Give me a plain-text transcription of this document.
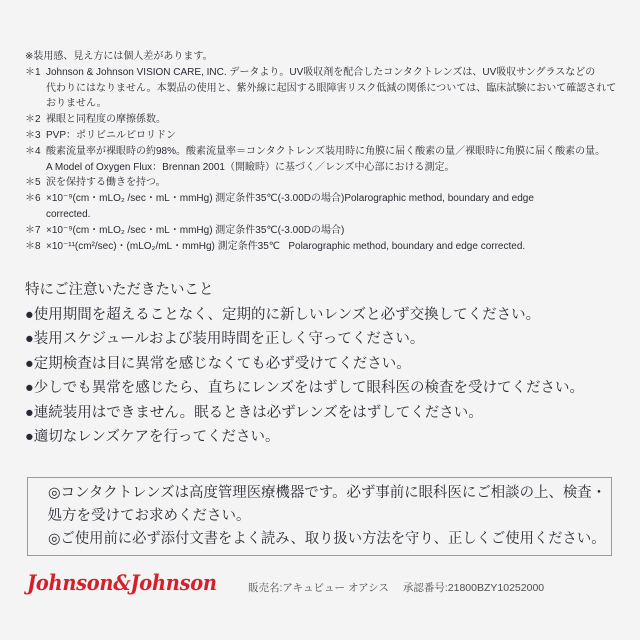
※装用感、見え方には個人差があります。
＊1 Johnson & Johnson VISION CARE, INC. データより。UV吸収剤を配合したコンタクトレンズは、UV吸収サングラスなどの
代わりにはなりません。本製品の使用と、紫外線に起因する眼障害リスク低減の関係については、臨床試験において確認されて
おりません。
＊2 裸眼と同程度の摩擦係数。
＊3 PVP：ポリビニルピロリドン
＊4 酸素流量率が裸眼時の約98%。酸素流量率＝コンタクトレンズ装用時に角膜に届く酸素の量／裸眼時に角膜に届く酸素の量。
A Model of Oxygen Flux：Brennan 2001（開瞼時）に基づく／レンズ中心部における測定。
＊5 涙を保持する働きを持つ。
＊6 ×10⁻⁹(cm・mLO₂ /sec・mL・mmHg) 測定条件35℃(-3.00Dの場合)Polarographic method, boundary and edge
corrected.
＊7 ×10⁻⁹(cm・mLO₂ /sec・mL・mmHg) 測定条件35℃(-3.00Dの場合)
＊8 ×10⁻¹¹(cm²/sec)・(mLO₂/mL・mmHg) 測定条件35℃   Polarographic method, boundary and edge corrected.
特にご注意いただきたいこと
●使用期間を超えることなく、定期的に新しいレンズと必ず交換してください。
●装用スケジュールおよび装用時間を正しく守ってください。
●定期検査は目に異常を感じなくても必ず受けてください。
●少しでも異常を感じたら、直ちにレンズをはずして眼科医の検査を受けてください。
●連続装用はできません。眠るときは必ずレンズをはずしてください。
●適切なレンズケアを行ってください。
◎コンタクトレンズは高度管理医療機器です。必ず事前に眼科医にご相談の上、検査・
処方を受けてお求めください。
◎ご使用前に必ず添付文書をよく読み、取り扱い方法を守り、正しくご使用ください。
Johnson&Johnson	販売名:アキュビュー オアシス 承認番号:21800BZY10252000
